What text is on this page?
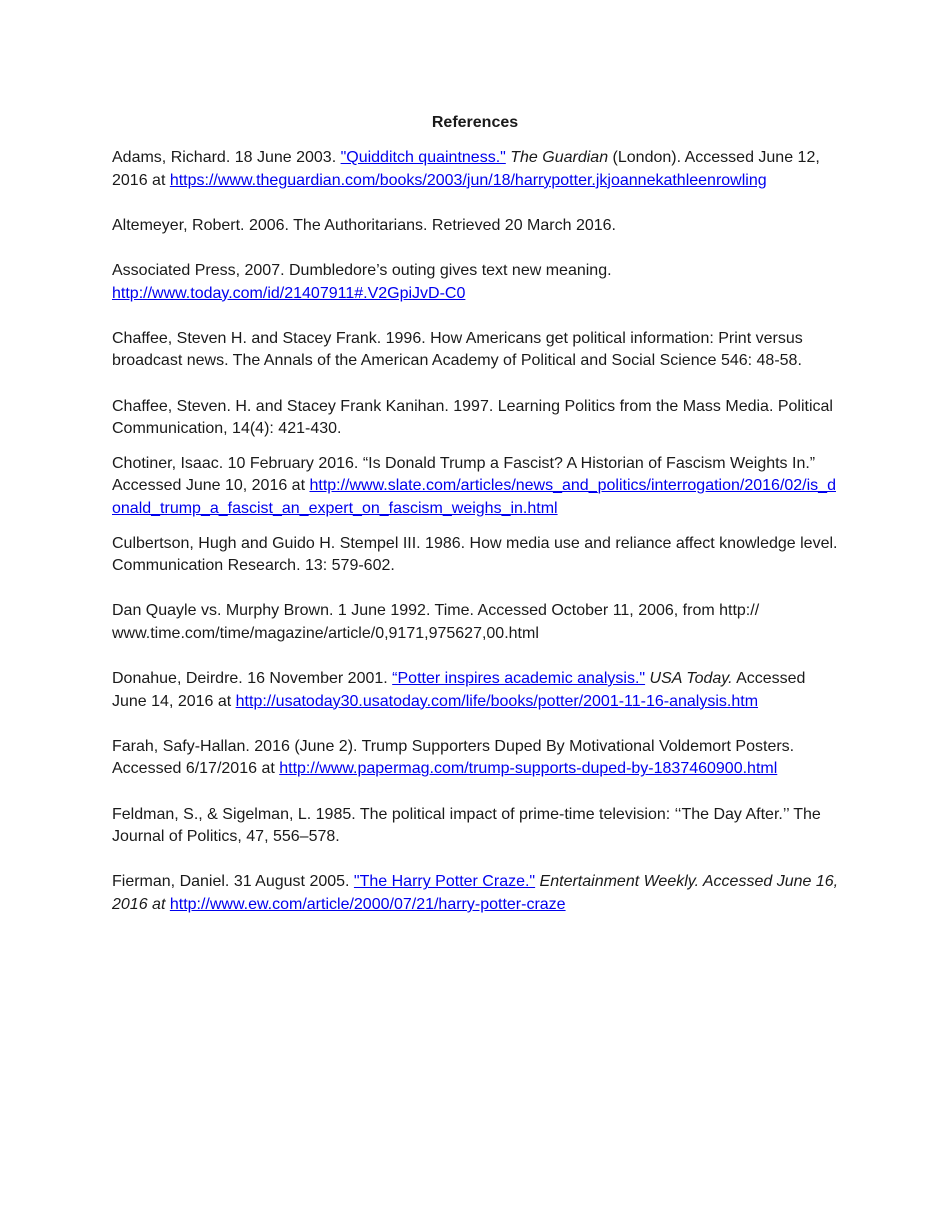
References

Adams, Richard. 18 June 2003. "Quidditch quaintness." The Guardian (London). Accessed June 12, 2016 at https://www.theguardian.com/books/2003/jun/18/harrypotter.jkjoannekathleenrowling

Altemeyer, Robert. 2006. The Authoritarians. Retrieved 20 March 2016.

Associated Press, 2007. Dumbledore’s outing gives text new meaning. http://www.today.com/id/21407911#.V2GpiJvD-C0

Chaffee, Steven H. and Stacey Frank. 1996. How Americans get political information: Print versus broadcast news. The Annals of the American Academy of Political and Social Science 546: 48-58.

Chaffee, Steven. H. and Stacey Frank Kanihan. 1997. Learning Politics from the Mass Media. Political Communication, 14(4): 421-430.

Chotiner, Isaac. 10 February 2016. “Is Donald Trump a Fascist? A Historian of Fascism Weights In.” Accessed June 10, 2016 at http://www.slate.com/articles/news_and_politics/interrogation/2016/02/is_donald_trump_a_fascist_an_expert_on_fascism_weighs_in.html

Culbertson, Hugh and Guido H. Stempel III. 1986. How media use and reliance affect knowledge level. Communication Research. 13: 579-602.

Dan Quayle vs. Murphy Brown. 1 June 1992. Time. Accessed October 11, 2006, from http:// www.time.com/time/magazine/article/0,9171,975627,00.html

Donahue, Deirdre. 16 November 2001. “Potter inspires academic analysis." USA Today. Accessed June 14, 2016 at http://usatoday30.usatoday.com/life/books/potter/2001-11-16-analysis.htm

Farah, Safy-Hallan. 2016 (June 2). Trump Supporters Duped By Motivational Voldemort Posters. Accessed 6/17/2016 at http://www.papermag.com/trump-supports-duped-by-1837460900.html

Feldman, S., & Sigelman, L. 1985. The political impact of prime-time television: ‘‘The Day After.’’ The Journal of Politics, 47, 556–578.

Fierman, Daniel. 31 August 2005. "The Harry Potter Craze." Entertainment Weekly. Accessed June 16, 2016 at http://www.ew.com/article/2000/07/21/harry-potter-craze
